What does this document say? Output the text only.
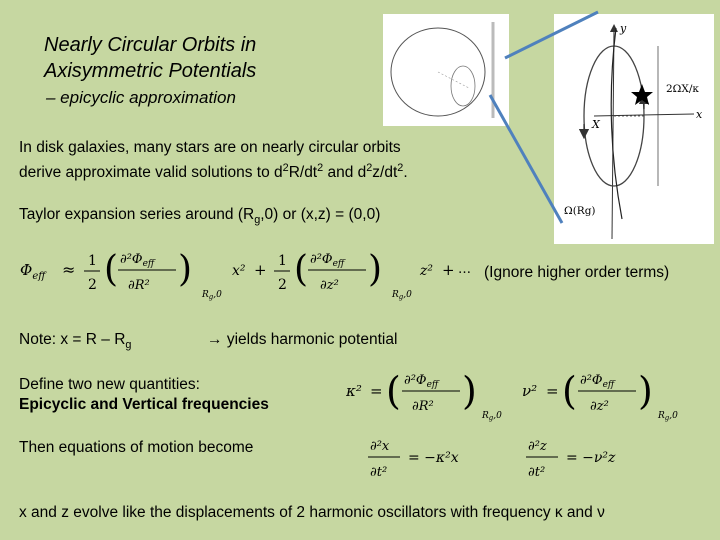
Nearly Circular Orbits in
Axisymmetric Potentials
– epicyclic approximation
y
x
X
2ΩX/κ
Ω(Rg)
In disk galaxies, many stars are on nearly circular orbits
derive approximate valid solutions to $d^2R/dt^2$ and $d^2z/dt^2$.
Taylor expansion series around $(R_g,0)$ or (x,z) = (0,0)
$\Phi_{eff} \approx 1$
2 ( $\partial^2\Phi_{eff}$
∂R² )
$R_g,0$
x² + 1
2 ( $\partial^2\Phi_{eff}$
∂z² )
$R_g,0$
z² + … (Ignore higher order terms)
Note: $x = R - R_g$	→ yields harmonic potential
Define two new quantities:
Epicyclic and Vertical frequencies
κ² = ( $\partial^2\Phi_{eff}$
∂R² )
$R_g,0$
ν² = ( $\partial^2\Phi_{eff}$
∂z² )
$R_g,0$
Then equations of motion become	∂²x
∂t²
= −κ²x
∂²z
∂t²
= −ν²z
x and z evolve like the displacements of 2 harmonic oscillators with frequency κ and ν
